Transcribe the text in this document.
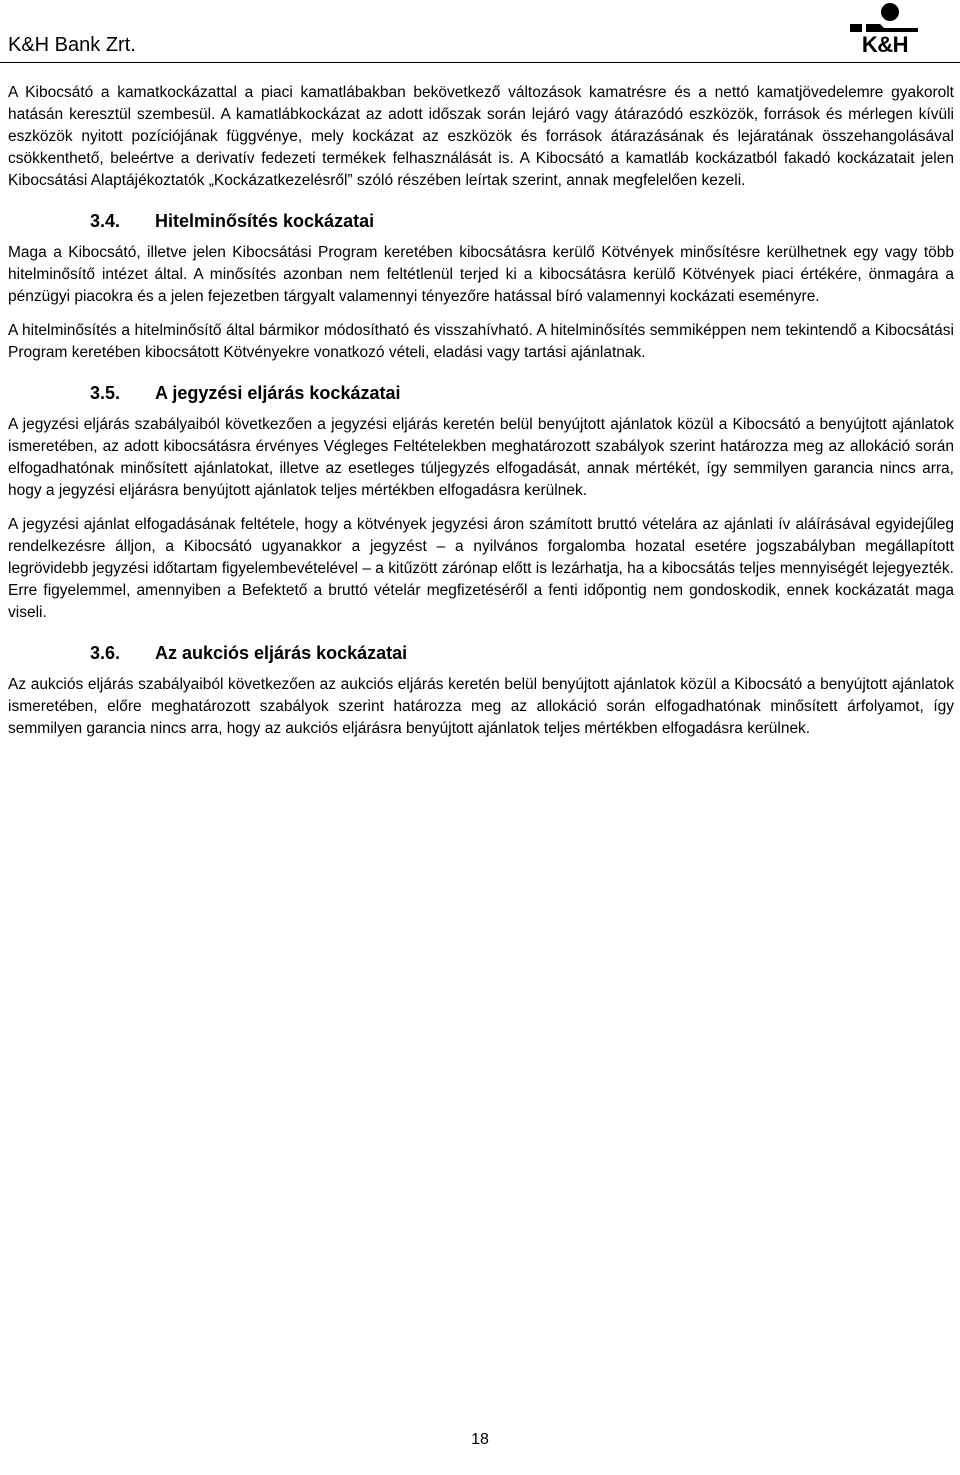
K&H Bank Zrt.	K&H

A Kibocsátó a kamatkockázattal a piaci kamatlábakban bekövetkező változások kamatrésre és a nettó kamatjövedelemre gyakorolt hatásán keresztül szembesül. A kamatlábkockázat az adott időszak során lejáró vagy átárazódó eszközök, források és mérlegen kívüli eszközök nyitott pozíciójának függvénye, mely kockázat az eszközök és források átárazásának és lejáratának összehangolásával csökkenthető, beleértve a derivatív fedezeti termékek felhasználását is. A Kibocsátó a kamatláb kockázatból fakadó kockázatait jelen Kibocsátási Alaptájékoztatók „Kockázatkezelésről” szóló részében leírtak szerint, annak megfelelően kezeli.

3.4. Hitelminősítés kockázatai

Maga a Kibocsátó, illetve jelen Kibocsátási Program keretében kibocsátásra kerülő Kötvények minősítésre kerülhetnek egy vagy több hitelminősítő intézet által. A minősítés azonban nem feltétlenül terjed ki a kibocsátásra kerülő Kötvények piaci értékére, önmagára a pénzügyi piacokra és a jelen fejezetben tárgyalt valamennyi tényezőre hatással bíró valamennyi kockázati eseményre.

A hitelminősítés a hitelminősítő által bármikor módosítható és visszahívható. A hitelminősítés semmiképpen nem tekintendő a Kibocsátási Program keretében kibocsátott Kötvényekre vonatkozó vételi, eladási vagy tartási ajánlatnak.

3.5. A jegyzési eljárás kockázatai

A jegyzési eljárás szabályaiból következően a jegyzési eljárás keretén belül benyújtott ajánlatok közül a Kibocsátó a benyújtott ajánlatok ismeretében, az adott kibocsátásra érvényes Végleges Feltételekben meghatározott szabályok szerint határozza meg az allokáció során elfogadhatónak minősített ajánlatokat, illetve az esetleges túljegyzés elfogadását, annak mértékét, így semmilyen garancia nincs arra, hogy a jegyzési eljárásra benyújtott ajánlatok teljes mértékben elfogadásra kerülnek.

A jegyzési ajánlat elfogadásának feltétele, hogy a kötvények jegyzési áron számított bruttó vételára az ajánlati ív aláírásával egyidejűleg rendelkezésre álljon, a Kibocsátó ugyanakkor a jegyzést – a nyilvános forgalomba hozatal esetére jogszabályban megállapított legrövidebb jegyzési időtartam figyelembevételével – a kitűzött zárónap előtt is lezárhatja, ha a kibocsátás teljes mennyiségét lejegyezték. Erre figyelemmel, amennyiben a Befektető a bruttó vételár megfizetéséről a fenti időpontig nem gondoskodik, ennek kockázatát maga viseli.

3.6. Az aukciós eljárás kockázatai

Az aukciós eljárás szabályaiból következően az aukciós eljárás keretén belül benyújtott ajánlatok közül a Kibocsátó a benyújtott ajánlatok ismeretében, előre meghatározott szabályok szerint határozza meg az allokáció során elfogadhatónak minősített árfolyamot, így semmilyen garancia nincs arra, hogy az aukciós eljárásra benyújtott ajánlatok teljes mértékben elfogadásra kerülnek.

18
